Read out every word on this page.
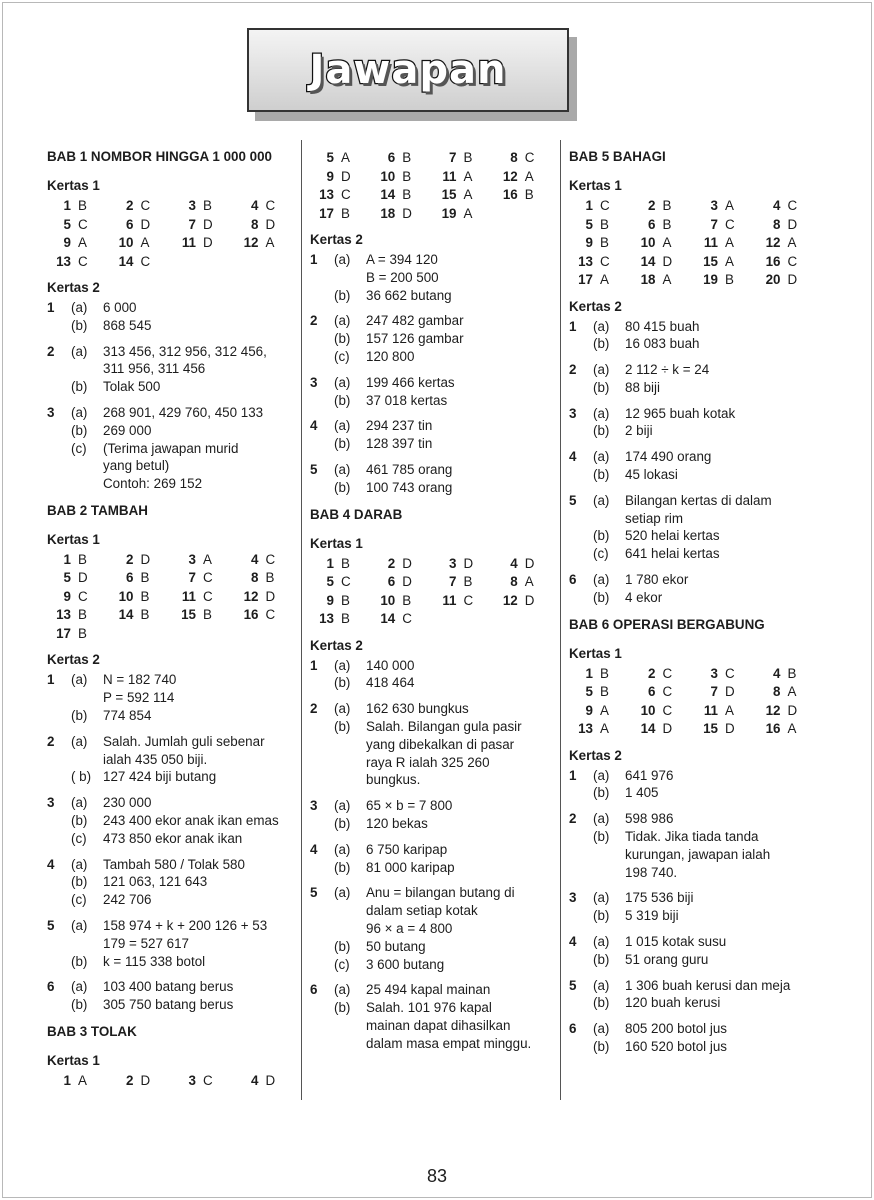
Jawapan
BAB 1 NOMBOR HINGGA 1 000 000
Kertas 1
1 B	2 C	3 B	4 C
5 C	6 D	7 D	8 D
9 A	10 A	11 D	12 A
13 C	14 C
Kertas 2
1	(a)	6 000
(b)	868 545
2	(a)	313 456, 312 956, 312 456,
311 956, 311 456
(b)	Tolak 500
3	(a)	268 901, 429 760, 450 133
(b)	269 000
(c)	(Terima jawapan murid
yang betul)
Contoh: 269 152
BAB 2 TAMBAH
Kertas 1
1 B	2 D	3 A	4 C
5 D	6 B	7 C	8 B
9 C	10 B	11 C	12 D
13 B	14 B	15 B	16 C
17 B
Kertas 2
1	(a)	N = 182 740
P = 592 114
(b)	774 854
2	(a)	Salah. Jumlah guli sebenar
ialah 435 050 biji.
( b) 127 424 biji butang
3	(a)	230 000
(b)	243 400 ekor anak ikan emas
(c)	473 850 ekor anak ikan
4	(a)	Tambah 580 / Tolak 580
(b)	121 063, 121 643
(c)	242 706
5	(a)	158 974 + k + 200 126 + 53
179 = 527 617
(b)	k = 115 338 botol
6	(a)	103 400 batang berus
(b)	305 750 batang berus
BAB 3 TOLAK
Kertas 1
1 A	2 D	3 C	4 D
5 A	6 B	7 B	8 C
9 D	10 B	11 A	12 A
13 C	14 B	15 A	16 B
17 B	18 D	19 A
Kertas 2
1	(a)	A = 394 120
B = 200 500
(b)	36 662 butang
2	(a)	247 482 gambar
(b)	157 126 gambar
(c)	120 800
3	(a)	199 466 kertas
(b)	37 018 kertas
4	(a)	294 237 tin
(b)	128 397 tin
5	(a)	461 785 orang
(b)	100 743 orang
BAB 4 DARAB
Kertas 1
1 B	2 D	3 D	4 D
5 C	6 D	7 B	8 A
9 B	10 B	11 C	12 D
13 B	14 C
Kertas 2
1	(a)	140 000
(b)	418 464
2	(a)	162 630 bungkus
(b)	Salah. Bilangan gula pasir
yang dibekalkan di pasar
raya R ialah 325 260
bungkus.
3	(a)	65 × b = 7 800
(b)	120 bekas
4	(a)	6 750 karipap
(b)	81 000 karipap
5	(a)	Anu = bilangan butang di
dalam setiap kotak
96 × a = 4 800
(b)	50 butang
(c)	3 600 butang
6	(a)	25 494 kapal mainan
(b)	Salah. 101 976 kapal
mainan dapat dihasilkan
dalam masa empat minggu.
BAB 5 BAHAGI
Kertas 1
1 C	2 B	3 A	4 C
5 B	6 B	7 C	8 D
9 B	10 A	11 A	12 A
13 C	14 D	15 A	16 C
17 A	18 A	19 B	20 D
Kertas 2
1	(a)	80 415 buah
(b)	16 083 buah
2	(a)	2 112 ÷ k = 24
(b)	88 biji
3	(a)	12 965 buah kotak
(b)	2 biji
4	(a)	174 490 orang
(b)	45 lokasi
5	(a)	Bilangan kertas di dalam
setiap rim
(b)	520 helai kertas
(c)	641 helai kertas
6	(a)	1 780 ekor
(b)	4 ekor
BAB 6 OPERASI BERGABUNG
Kertas 1
1 B	2 C	3 C	4 B
5 B	6 C	7 D	8 A
9 A	10 C	11 A	12 D
13 A	14 D	15 D	16 A
Kertas 2
1	(a)	641 976
(b)	1 405
2	(a)	598 986
(b)	Tidak. Jika tiada tanda
kurungan, jawapan ialah
198 740.
3	(a)	175 536 biji
(b)	5 319 biji
4	(a)	1 015 kotak susu
(b)	51 orang guru
5	(a)	1 306 buah kerusi dan meja
(b)	120 buah kerusi
6	(a)	805 200 botol jus
(b)	160 520 botol jus
83
